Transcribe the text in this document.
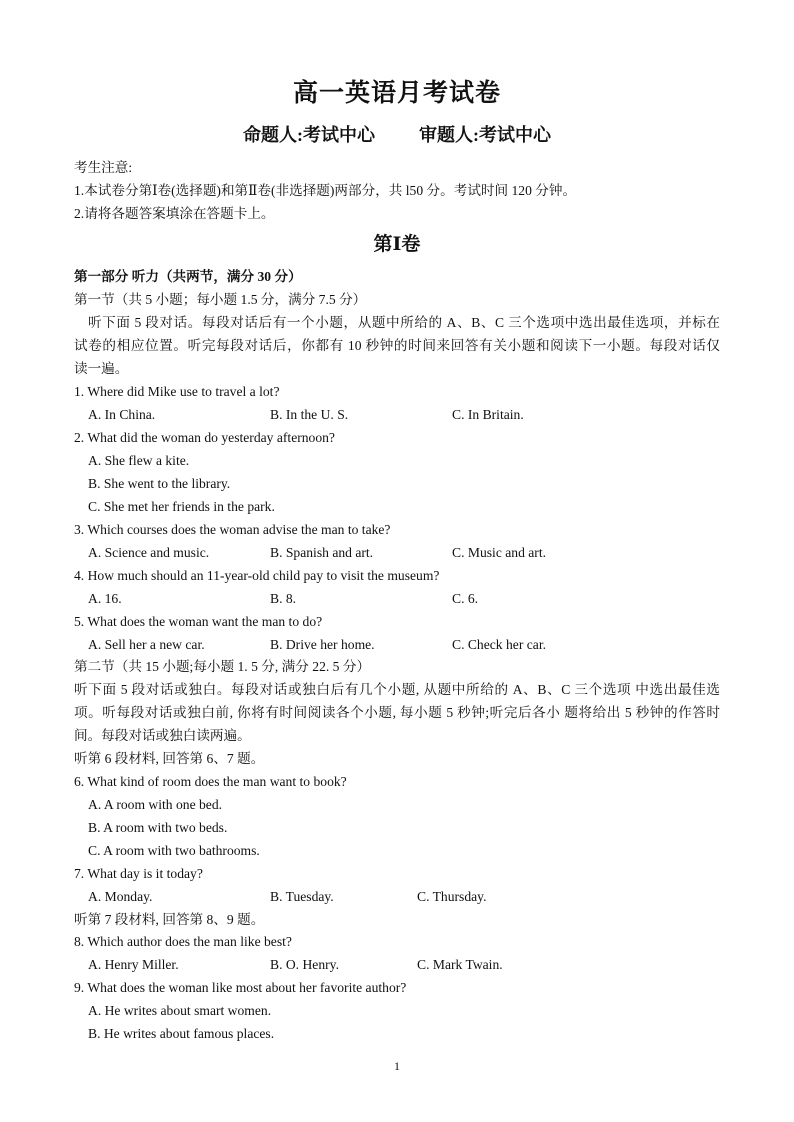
高一英语月考试卷
命题人:考试中心 审题人:考试中心
考生注意:
1.本试卷分第Ⅰ卷(选择题)和第Ⅱ卷(非选择题)两部分，共 l50 分。考试时间 120 分钟。
2.请将各题答案填涂在答题卡上。
第Ⅰ卷
第一部分 听力（共两节，满分 30 分）
第一节（共 5 小题；每小题 1.5 分，满分 7.5 分）
听下面 5 段对话。每段对话后有一个小题，从题中所给的 A、B、C 三个选项中选出最佳选项，并标在
试卷的相应位置。听完每段对话后，你都有 10 秒钟的时间来回答有关小题和阅读下一小题。每段对话仅
读一遍。
1. Where did Mike use to travel a lot?
A. In China.	B. In the U. S.	C. In Britain.
2. What did the woman do yesterday afternoon?
A. She flew a kite.
B. She went to the library.
C. She met her friends in the park.
3. Which courses does the woman advise the man to take?
A. Science and music.	B. Spanish and art.	C. Music and art.
4. How much should an 11-year-old child pay to visit the museum?
A. 16.	B. 8.	C. 6.
5. What does the woman want the man to do?
A. Sell her a new car.	B. Drive her home.	C. Check her car.
第二节（共 15 小题;每小题 1. 5 分, 满分 22. 5 分）
听下面 5 段对话或独白。每段对话或独白后有几个小题, 从题中所给的 A、B、C 三个选项 中选出最佳选
项。听每段对话或独白前, 你将有时间阅读各个小题, 每小题 5 秒钟;听完后各小 题将给出 5 秒钟的作答时
间。每段对话或独白读两遍。
听第 6 段材料, 回答第 6、7 题。
6. What kind of room does the man want to book?
A. A room with one bed.
B. A room with two beds.
C. A room with two bathrooms.
7. What day is it today?
A. Monday.	B. Tuesday.	C. Thursday.
听第 7 段材料, 回答第 8、9 题。
8. Which author does the man like best?
A. Henry Miller.	B. O. Henry.	C. Mark Twain.
9. What does the woman like most about her favorite author?
A. He writes about smart women.
B. He writes about famous places.
1
